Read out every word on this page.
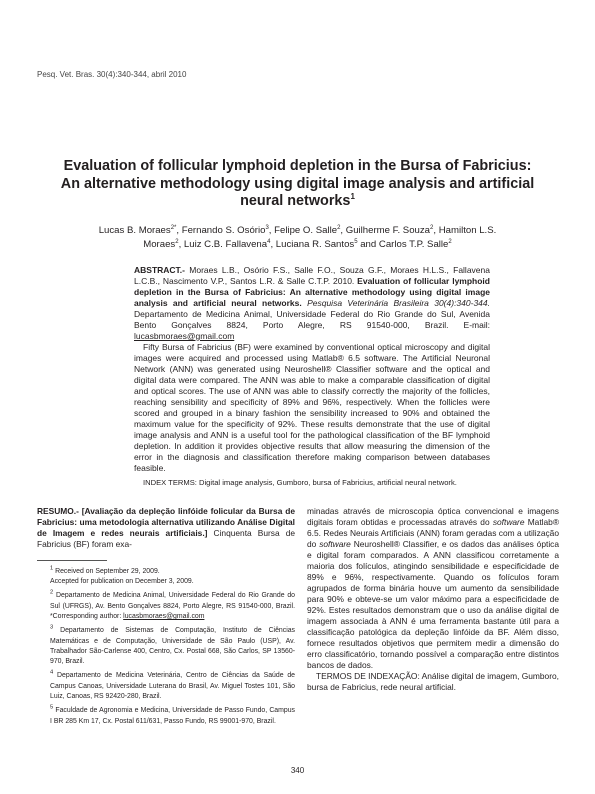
Pesq. Vet. Bras. 30(4):340-344, abril 2010
Evaluation of follicular lymphoid depletion in the Bursa of Fabricius: An alternative methodology using digital image analysis and artificial neural networks$^1$
Lucas B. Moraes$^{2*}$, Fernando S. Osório$^3$, Felipe O. Salle$^2$, Guilherme F. Souza$^2$, Hamilton L.S. Moraes$^2$, Luiz C.B. Fallavena$^4$, Luciana R. Santos$^5$ and Carlos T.P. Salle$^2$

ABSTRACT.- Moraes L.B., Osório F.S., Salle F.O., Souza G.F., Moraes H.L.S., Fallavena L.C.B., Nascimento V.P., Santos L.R. & Salle C.T.P. 2010. Evaluation of follicular lymphoid depletion in the Bursa of Fabricius: An alternative methodology using digital image analysis and artificial neural networks. Pesquisa Veterinária Brasileira 30(4):340-344. Departamento de Medicina Animal, Universidade Federal do Rio Grande do Sul, Avenida Bento Gonçalves 8824, Porto Alegre, RS 91540-000, Brazil. E-mail: lucasbmoraes@gmail.com

Fifty Bursa of Fabricius (BF) were examined by conventional optical microscopy and digital images were acquired and processed using Matlab® 6.5 software. The Artificial Neuronal Network (ANN) was generated using Neuroshell® Classifier software and the optical and digital data were compared. The ANN was able to make a comparable classification of digital and optical scores. The use of ANN was able to classify correctly the majority of the follicles, reaching sensibility and specificity of 89% and 96%, respectively. When the follicles were scored and grouped in a binary fashion the sensibility increased to 90% and obtained the maximum value for the specificity of 92%. These results demonstrate that the use of digital image analysis and ANN is a useful tool for the pathological classification of the BF lymphoid depletion. In addition it provides objective results that allow measuring the dimension of the error in the diagnosis and classification therefore making comparison between databases feasible.

INDEX TERMS: Digital image analysis, Gumboro, bursa of Fabricius, artificial neural network.

RESUMO.- [Avaliação da depleção linfóide folicular da Bursa de Fabricius: uma metodologia alternativa utilizando Análise Digital de Imagem e redes neurais artificiais.] Cinquenta Bursa de Fabricius (BF) foram exa-

$^1$ Received on September 29, 2009.
Accepted for publication on December 3, 2009.

$^2$ Departamento de Medicina Animal, Universidade Federal do Rio Grande do Sul (UFRGS), Av. Bento Gonçalves 8824, Porto Alegre, RS 91540-000, Brazil. *Corresponding author: lucasbmoraes@gmail.com

$^3$ Departamento de Sistemas de Computação, Instituto de Ciências Matemáticas e de Computação, Universidade de São Paulo (USP), Av. Trabalhador São-Carlense 400, Centro, Cx. Postal 668, São Carlos, SP 13560-970, Brazil.

$^4$ Departamento de Medicina Veterinária, Centro de Ciências da Saúde de Campus Canoas, Universidade Luterana do Brasil, Av. Miguel Tostes 101, São Luiz, Canoas, RS 92420-280, Brazil.

$^5$ Faculdade de Agronomia e Medicina, Universidade de Passo Fundo, Campus I BR 285 Km 17, Cx. Postal 611/631, Passo Fundo, RS 99001-970, Brazil.

minadas através de microscopia óptica convencional e imagens digitais foram obtidas e processadas através do software Matlab® 6.5. Redes Neurais Artificiais (ANN) foram geradas com a utilização do software Neuroshell® Classifier, e os dados das análises óptica e digital foram comparados. A ANN classificou corretamente a maioria dos folículos, atingindo sensibilidade e especificidade de 89% e 96%, respectivamente. Quando os folículos foram agrupados de forma binária houve um aumento da sensibilidade para 90% e obteve-se um valor máximo para a especificidade de 92%. Estes resultados demonstram que o uso da análise digital de imagem associada à ANN é uma ferramenta bastante útil para a classificação patológica da depleção linfóide da BF. Além disso, fornece resultados objetivos que permitem medir a dimensão do erro classificatório, tornando possível a comparação entre distintos bancos de dados.

TERMOS DE INDEXAÇÃO: Análise digital de imagem, Gumboro, bursa de Fabricius, rede neural artificial.

340
